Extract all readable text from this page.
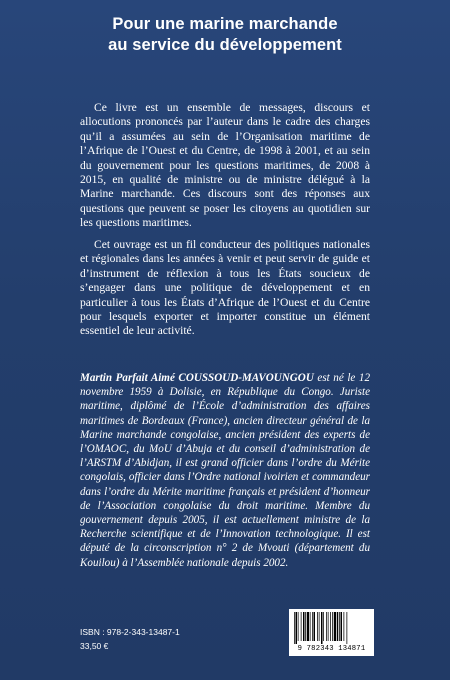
Pour une marine marchande
au service du développement

Ce livre est un ensemble de messages, discours et allocutions prononcés par l’auteur dans le cadre des charges qu’il a assumées au sein de l’Organisation maritime de l’Afrique de l’Ouest et du Centre, de 1998 à 2001, et au sein du gouvernement pour les questions maritimes, de 2008 à 2015, en qualité de ministre ou de ministre délégué à la Marine marchande. Ces discours sont des réponses aux questions que peuvent se poser les citoyens au quotidien sur les questions maritimes.

Cet ouvrage est un fil conducteur des politiques nationales et régionales dans les années à venir et peut servir de guide et d’instrument de réflexion à tous les États soucieux de s’engager dans une politique de développement et en particulier à tous les États d’Afrique de l’Ouest et du Centre pour lesquels exporter et importer constitue un élément essentiel de leur activité.

Martin Parfait Aimé COUSSOUD-MAVOUNGOU est né le 12 novembre 1959 à Dolisie, en République du Congo. Juriste maritime, diplômé de l’École d’administration des affaires maritimes de Bordeaux (France), ancien directeur général de la Marine marchande congolaise, ancien président des experts de l’OMAOC, du MoU d’Abuja et du conseil d’administration de l’ARSTM d’Abidjan, il est grand officier dans l’ordre du Mérite congolais, officier dans l’Ordre national ivoirien et commandeur dans l’ordre du Mérite maritime français et président d’honneur de l’Association congolaise du droit maritime. Membre du gouvernement depuis 2005, il est actuellement ministre de la Recherche scientifique et de l’Innovation technologique. Il est député de la circonscription n° 2 de Mvouti (département du Kouilou) à l’Assemblée nationale depuis 2002.

ISBN : 978-2-343-13487-1
33,50 €	9 782343 134871
